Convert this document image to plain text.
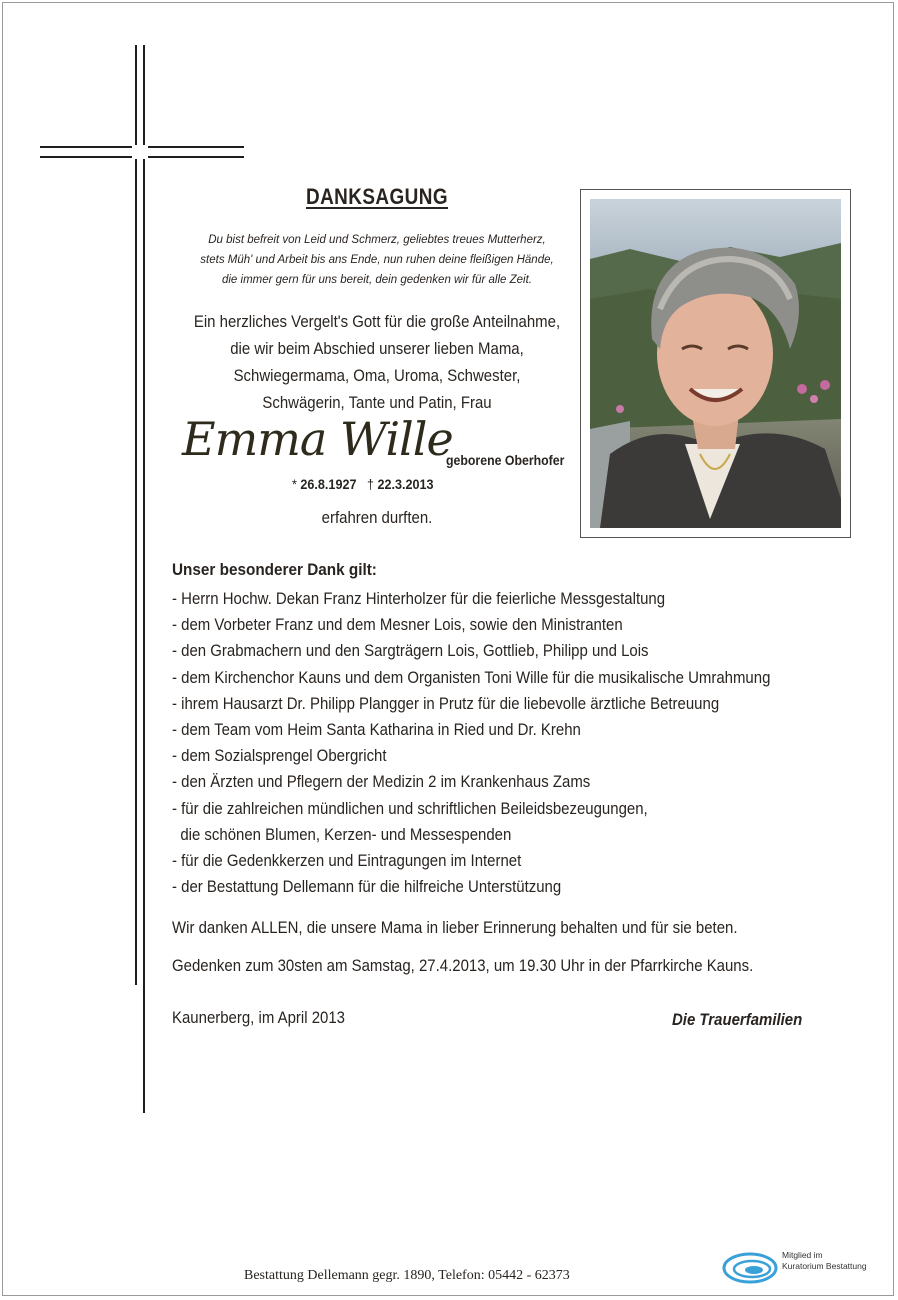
DANKSAGUNG
Du bist befreit von Leid und Schmerz, geliebtes treues Mutterherz,
stets Müh' und Arbeit bis ans Ende, nun ruhen deine fleißigen Hände,
die immer gern für uns bereit, dein gedenken wir für alle Zeit.
Ein herzliches Vergelt's Gott für die große Anteilnahme,
die wir beim Abschied unserer lieben Mama,
Schwiegermama, Oma, Uroma, Schwester,
Schwägerin, Tante und Patin, Frau
Emma Wille
geborene Oberhofer
* 26.8.1927 † 22.3.2013
erfahren durften.
Unser besonderer Dank gilt:
- Herrn Hochw. Dekan Franz Hinterholzer für die feierliche Messgestaltung
- dem Vorbeter Franz und dem Mesner Lois, sowie den Ministranten
- den Grabmachern und den Sargträgern Lois, Gottlieb, Philipp und Lois
- dem Kirchenchor Kauns und dem Organisten Toni Wille für die musikalische Umrahmung
- ihrem Hausarzt Dr. Philipp Plangger in Prutz für die liebevolle ärztliche Betreuung
- dem Team vom Heim Santa Katharina in Ried und Dr. Krehn
- dem Sozialsprengel Obergricht
- den Ärzten und Pflegern der Medizin 2 im Krankenhaus Zams
- für die zahlreichen mündlichen und schriftlichen Beileidsbezeugungen,
die schönen Blumen, Kerzen- und Messespenden
- für die Gedenkkerzen und Eintragungen im Internet
- der Bestattung Dellemann für die hilfreiche Unterstützung
Wir danken ALLEN, die unsere Mama in lieber Erinnerung behalten und für sie beten.
Gedenken zum 30sten am Samstag, 27.4.2013, um 19.30 Uhr in der Pfarrkirche Kauns.
Kaunerberg, im April 2013	Die Trauerfamilien
Bestattung Dellemann gegr. 1890, Telefon: 05442 - 62373
Mitglied im
Kuratorium Bestattung
